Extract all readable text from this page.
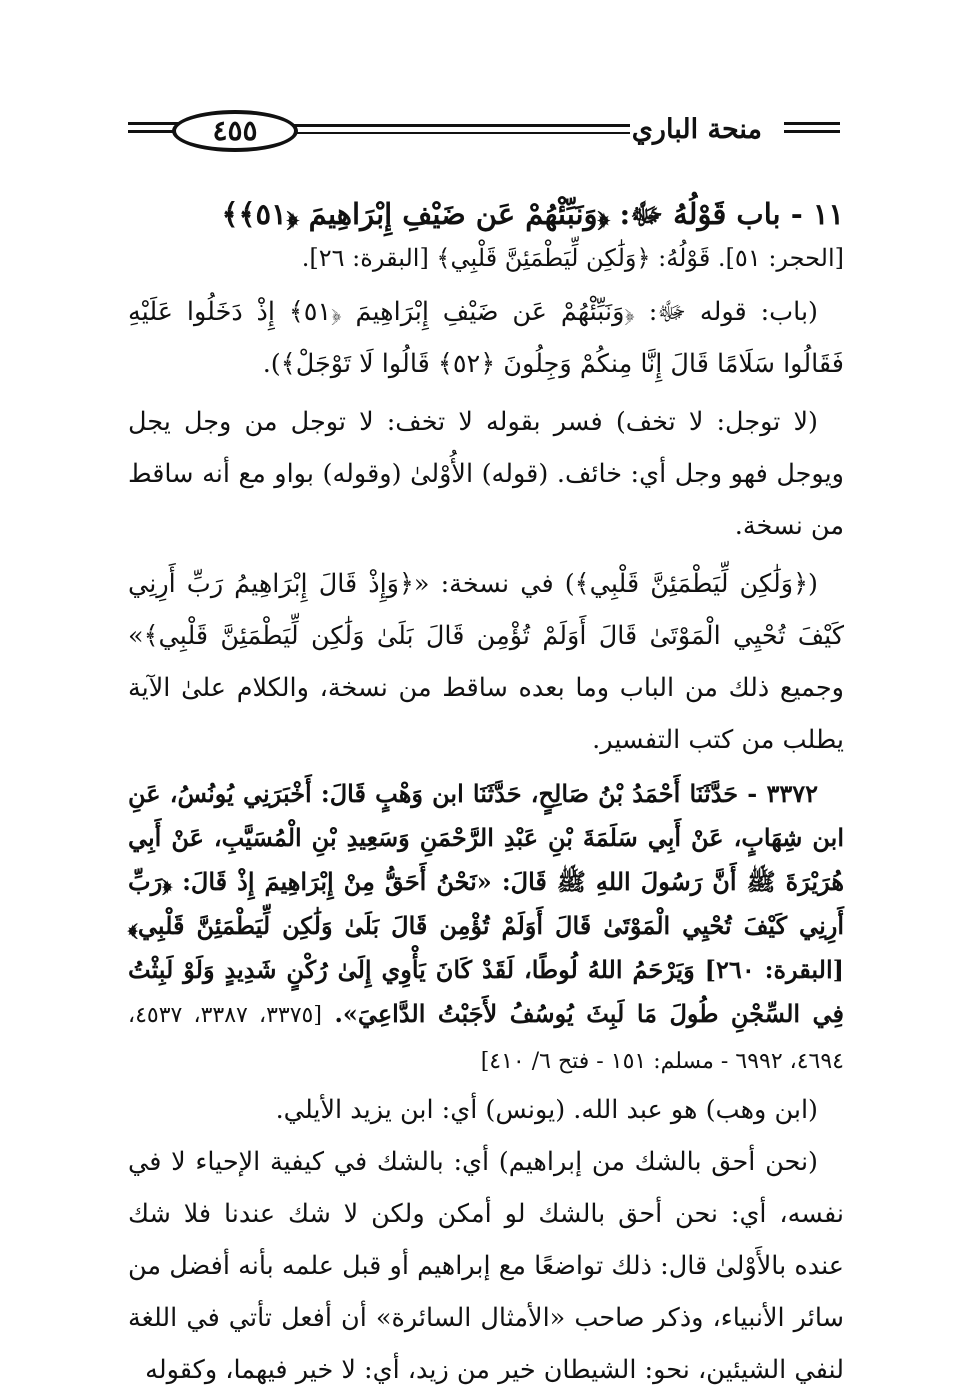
٤٥٥	منحة الباري

١١ - باب قَوْلُهُ ﷻ: ﴿وَنَبِّئْهُمْ عَن ضَيْفِ إِبْرَاهِيمَ ﴿٥١﴾﴾

[الحجر: ٥١]. قَوْلُهُ: ﴿وَلَٰكِن لِّيَطْمَئِنَّ قَلْبِي﴾ [البقرة: ٢٦].

(باب: قوله ﷻ: ﴿وَنَبِّئْهُمْ عَن ضَيْفِ إِبْرَاهِيمَ ﴿٥١﴾ إِذْ دَخَلُوا عَلَيْهِ فَقَالُوا سَلَامًا قَالَ إِنَّا مِنكُمْ وَجِلُونَ ﴿٥٢﴾ قَالُوا لَا تَوْجَلْ﴾).

(لا توجل: لا تخف) فسر بقوله لا تخف: لا توجل من وجل يجل ويوجل فهو وجل أي: خائف. (قوله) الأُوْلىٰ (وقوله) بواو مع أنه ساقط من نسخة.

(﴿وَلَٰكِن لِّيَطْمَئِنَّ قَلْبِي﴾) في نسخة: «﴿وَإِذْ قَالَ إِبْرَاهِيمُ رَبِّ أَرِنِي كَيْفَ تُحْيِي الْمَوْتَىٰ قَالَ أَوَلَمْ تُؤْمِن قَالَ بَلَىٰ وَلَٰكِن لِّيَطْمَئِنَّ قَلْبِي﴾» وجميع ذلك من الباب وما بعده ساقط من نسخة، والكلام علىٰ الآية يطلب من كتب التفسير.

٣٣٧٢ - حَدَّثَنَا أَحْمَدُ بْنُ صَالِحٍ، حَدَّثَنَا ابن وَهْبٍ قَالَ: أَخْبَرَنِي يُونُسُ، عَنِ ابن شِهَابٍ، عَنْ أَبِي سَلَمَةَ بْنِ عَبْدِ الرَّحْمَنِ وَسَعِيدِ بْنِ الْمُسَيَّبِ، عَنْ أَبِي هُرَيْرَةَ ﷺ أَنَّ رَسُولَ اللهِ ﷺ قَالَ: «نَحْنُ أَحَقُّ مِنْ إِبْرَاهِيمَ إِذْ قَالَ: ﴿رَبِّ أَرِنِي كَيْفَ تُحْيِي الْمَوْتَىٰ قَالَ أَوَلَمْ تُؤْمِن قَالَ بَلَىٰ وَلَٰكِن لِّيَطْمَئِنَّ قَلْبِي﴾ [البقرة: ٢٦٠] وَيَرْحَمُ اللهُ لُوطًا، لَقَدْ كَانَ يَأْوِي إِلَىٰ رُكْنٍ شَدِيدٍ وَلَوْ لَبِثْتُ فِي السِّجْنِ طُولَ مَا لَبِثَ يُوسُفُ لأَجَبْتُ الدَّاعِيَ». [٣٣٧٥، ٣٣٨٧، ٤٥٣٧، ٤٦٩٤، ٦٩٩٢ - مسلم: ١٥١ - فتح ٦/ ٤١٠]

(ابن وهب) هو عبد الله. (يونس) أي: ابن يزيد الأيلي.

(نحن أحق بالشك من إبراهيم) أي: بالشك في كيفية الإحياء لا في نفسه، أي: نحن أحق بالشك لو أمكن ولكن لا شك عندنا فلا شك عنده بالأَوْلىٰ قال: ذلك تواضعًا مع إبراهيم أو قبل علمه بأنه أفضل من سائر الأنبياء، وذكر صاحب «الأمثال السائرة» أن أفعل تأتي في اللغة لنفي الشيئين، نحو: الشيطان خير من زيد، أي: لا خير فيهما، وكقوله
